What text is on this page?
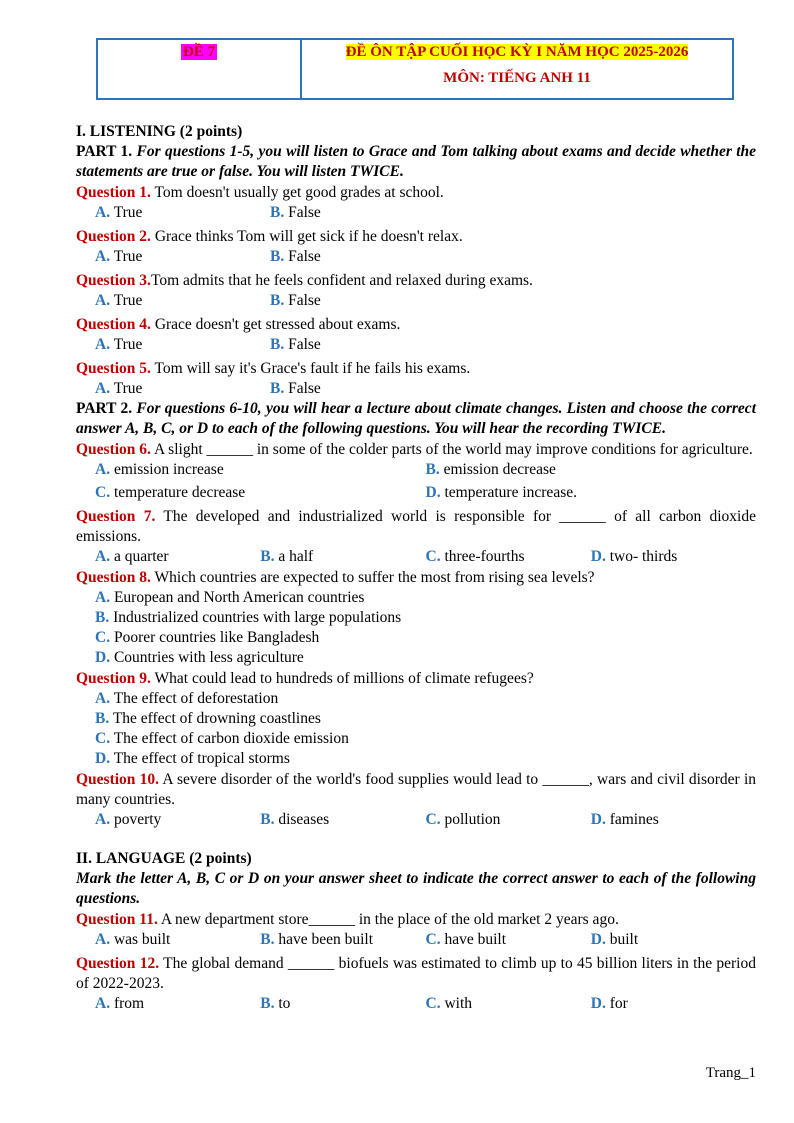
ĐỀ 7	ĐỀ ÔN TẬP CUỐI HỌC KỲ I NĂM HỌC 2025-2026
MÔN: TIẾNG ANH 11

I. LISTENING (2 points)

PART 1. For questions 1-5, you will listen to Grace and Tom talking about exams and decide whether the statements are true or false. You will listen TWICE.

Question 1. Tom doesn't usually get good grades at school.

A. True	B. False

Question 2. Grace thinks Tom will get sick if he doesn't relax.

A. True	B. False

Question 3.Tom admits that he feels confident and relaxed during exams.

A. True	B. False

Question 4. Grace doesn't get stressed about exams.

A. True	B. False

Question 5. Tom will say it's Grace's fault if he fails his exams.

A. True	B. False

PART 2. For questions 6-10, you will hear a lecture about climate changes. Listen and choose the correct answer A, B, C, or D to each of the following questions. You will hear the recording TWICE.

Question 6. A slight ______ in some of the colder parts of the world may improve conditions for agriculture.

A. emission increase	B. emission decrease
C. temperature decrease	D. temperature increase.

Question 7. The developed and industrialized world is responsible for ______ of all carbon dioxide emissions.

A. a quarter	B. a half	C. three-fourths	D. two- thirds

Question 8. Which countries are expected to suffer the most from rising sea levels?

A. European and North American countries

B. Industrialized countries with large populations

C. Poorer countries like Bangladesh

D. Countries with less agriculture

Question 9. What could lead to hundreds of millions of climate refugees?

A. The effect of deforestation

B. The effect of drowning coastlines

C. The effect of carbon dioxide emission

D. The effect of tropical storms

Question 10. A severe disorder of the world's food supplies would lead to ______, wars and civil disorder in many countries.

A. poverty	B. diseases	C. pollution	D. famines

II. LANGUAGE (2 points)

Mark the letter A, B, C or D on your answer sheet to indicate the correct answer to each of the following questions.

Question 11. A new department store______ in the place of the old market 2 years ago.

A. was built	B. have been built	C. have built	D. built

Question 12. The global demand ______ biofuels was estimated to climb up to 45 billion liters in the period of 2022-2023.

A. from	B. to	C. with	D. for
Trang_1
